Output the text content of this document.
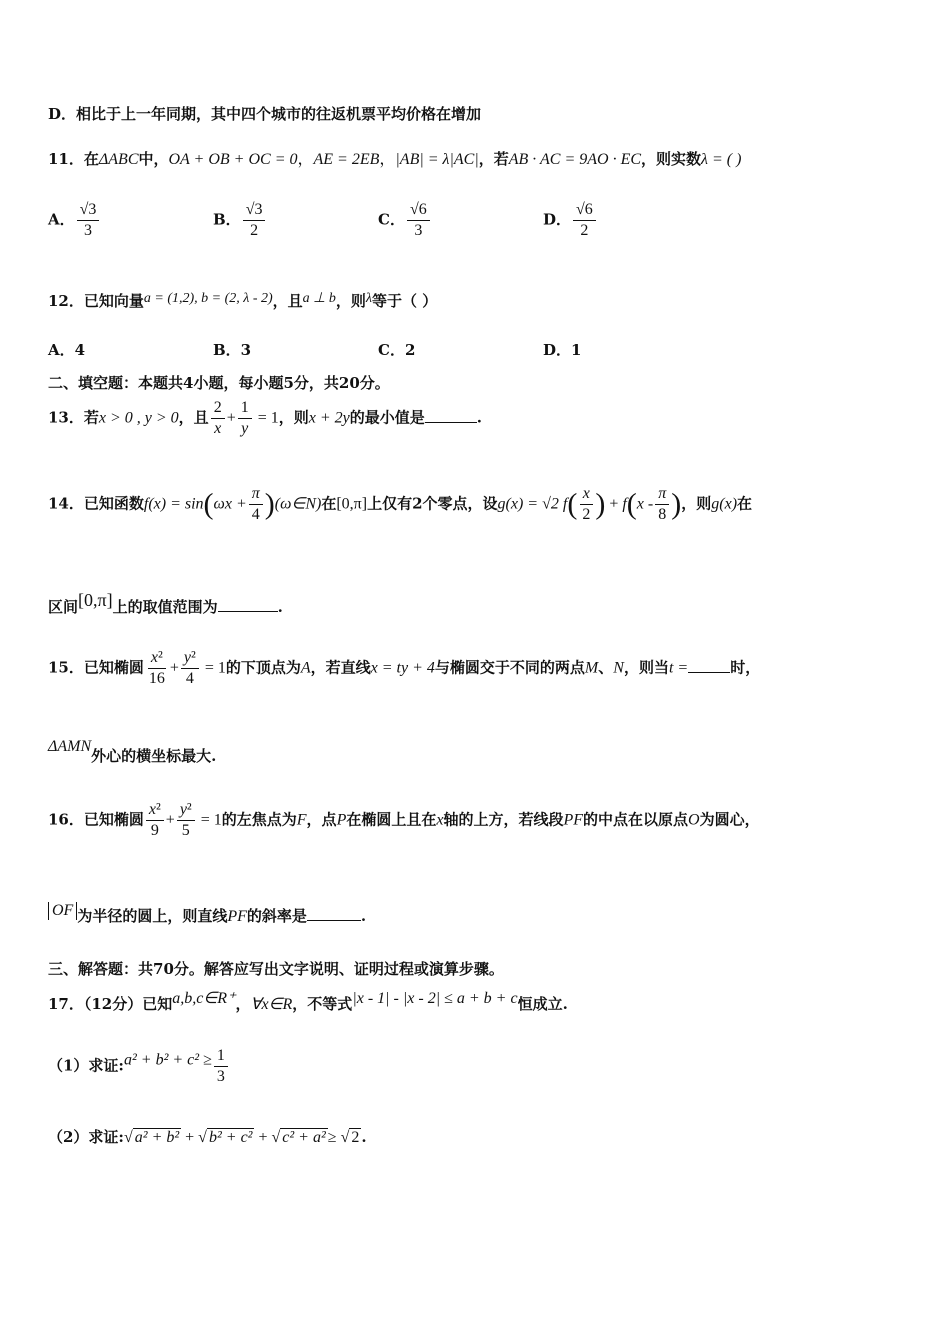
D．相比于上一年同期，其中四个城市的往返机票平均价格在增加
11．在ΔABC中，OA + OB + OC = 0，AE = 2EB，|AB| = λ|AC|，若AB · AC = 9AO · EC，则实数λ = ( )
A． $\frac{√3}{3}$	B． $\frac{√3}{2}$	C． $\frac{√6}{3}$	D． $\frac{√6}{2}$
12．已知向量a = (1,2), b = (2, λ - 2)，且a ⊥ b，则λ等于（ ）
A．4	B．3	C．2	D．1
二、填空题：本题共4小题，每小题5分，共20分。
13．若x > 0 , y > 0，且 $\frac{2}{x} + \frac{1}{y} = 1$，则x + 2y的最小值是	.
14．已知函数$f(x) = \sin(\omega x + \frac{\pi}{4}$ )(ω∈N)在[0,π]上仅有2个零点，设g(x) = √2 $f( \frac{x}{2}$ ) + $f(x - \frac{\pi}{8}$ )，则g(x)在
区间[0,π]上的取值范围为	.
15．已知椭圆 $\frac{\text{x²}}{16} + \frac{\text{y²}}{4} = 1$的下顶点为A，若直线x = ty + 4与椭圆交于不同的两点M、N，则当t =	时，
ΔAMN外心的横坐标最大.
16．已知椭圆 $\frac{\text{x²}}{9} + \frac{\text{y²}}{5} = 1$的左焦点为F，点P在椭圆上且在x轴的上方，若线段PF的中点在以原点O为圆心，
OF 为半径的圆上，则直线PF的斜率是	.
三、解答题：共70分。解答应写出文字说明、证明过程或演算步骤。
17．（12分）已知a,b,c∈R⁺，∀x∈R，不等式|x - 1| - |x - 2| ≤ a + b + c恒成立.
（1）求证:a² + $b^2 + c^2 \ge \frac{1}{3}$
（2）求证:√ a² + b² + √ b² + c² + √ c² + a² ≥ √ 2 .
